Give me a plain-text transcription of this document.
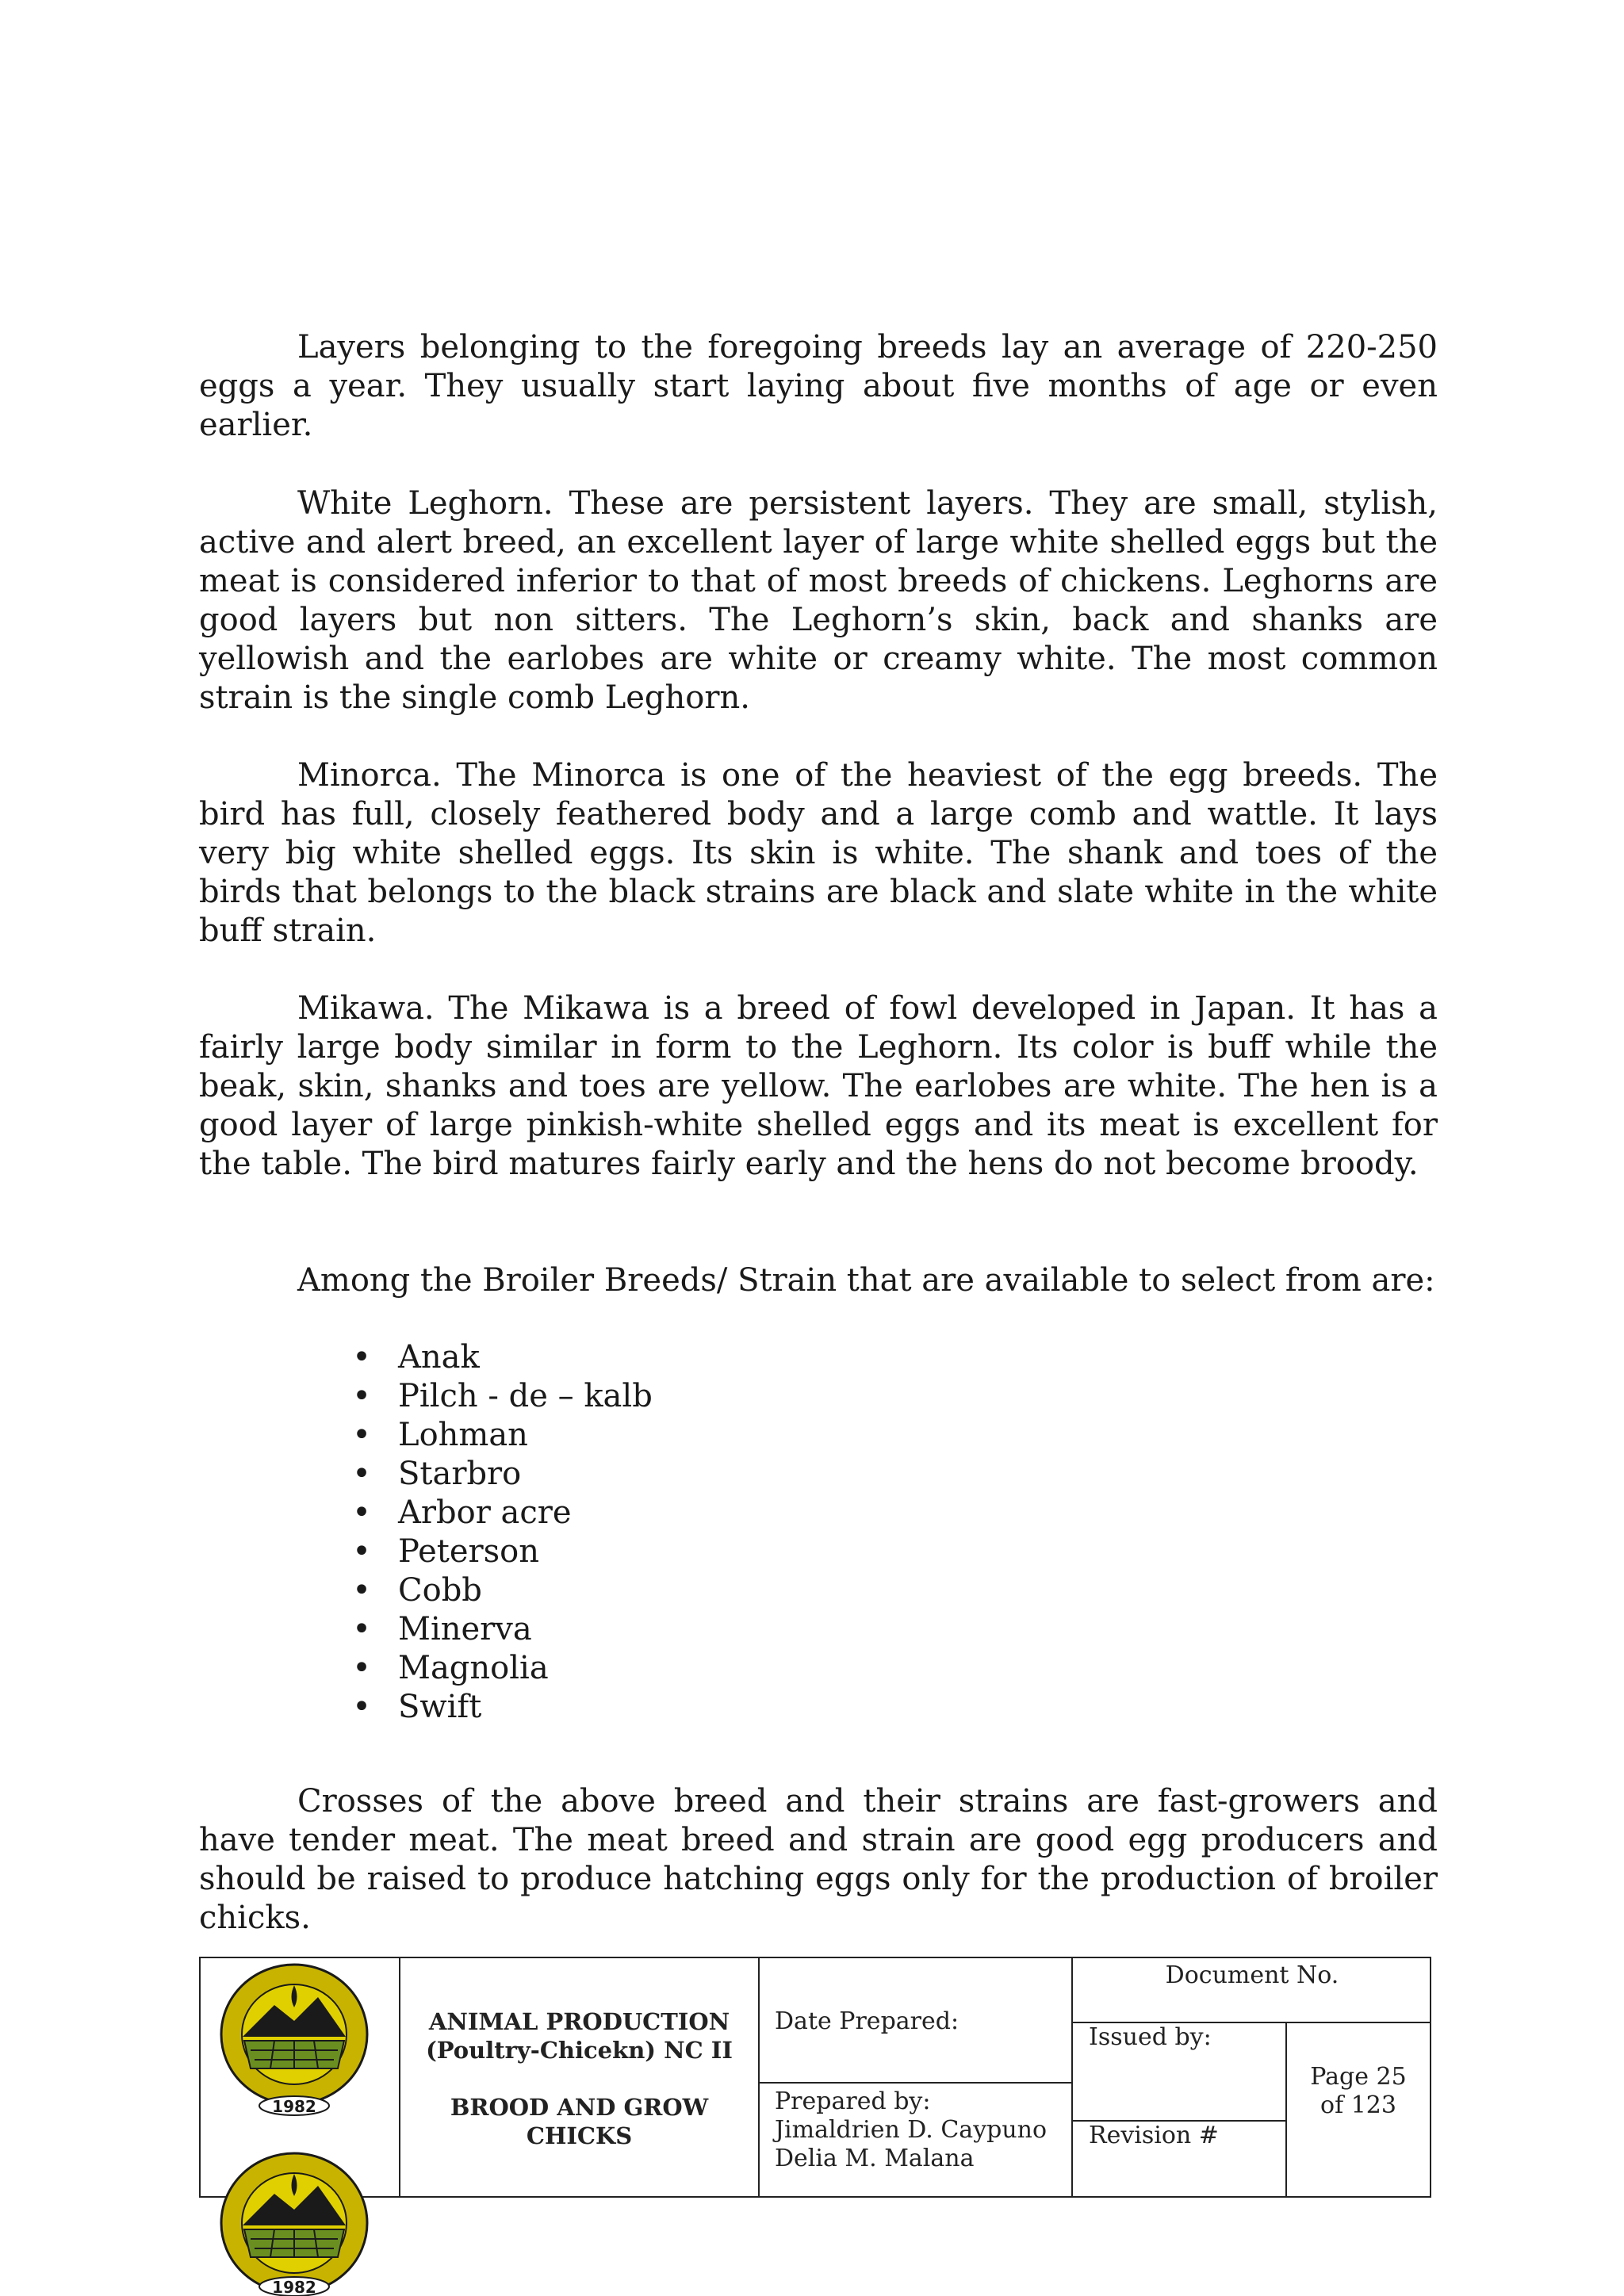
Layers belonging to the foregoing breeds lay an average of 220-250 eggs a year. They usually start laying about five months of age or even earlier.

White Leghorn. These are persistent layers. They are small, stylish, active and alert breed, an excellent layer of large white shelled eggs but the meat is considered inferior to that of most breeds of chickens. Leghorns are good layers but non sitters. The Leghorn’s skin, back and shanks are yellowish and the earlobes are white or creamy white. The most common strain is the single comb Leghorn.

Minorca. The Minorca is one of the heaviest of the egg breeds. The bird has full, closely feathered body and a large comb and wattle. It lays very big white shelled eggs. Its skin is white. The shank and toes of the birds that belongs to the black strains are black and slate white in the white buff strain.

Mikawa. The Mikawa is a breed of fowl developed in Japan. It has a fairly large body similar in form to the Leghorn. Its color is buff while the beak, skin, shanks and toes are yellow. The earlobes are white. The hen is a good layer of large pinkish-white shelled eggs and its meat is excellent for the table. The bird matures fairly early and the hens do not become broody.

Among the Broiler Breeds/ Strain that are available to select from are:

• Anak
• Pilch - de – kalb
• Lohman
• Starbro
• Arbor acre
• Peterson
• Cobb
• Minerva
• Magnolia
• Swift

Crosses of the above breed and their strains are fast-growers and have tender meat. The meat breed and strain are good egg producers and should be raised to produce hatching eggs only for the production of broiler chicks.

ANIMAL PRODUCTION (Poultry-Chicekn) NC II
BROOD AND GROW CHICKS
Date Prepared:
Prepared by:
Jimaldrien D. Caypuno
Delia M. Malana
Document No.
Issued by:
Revision #
Page 25 of 123
1982
1982
